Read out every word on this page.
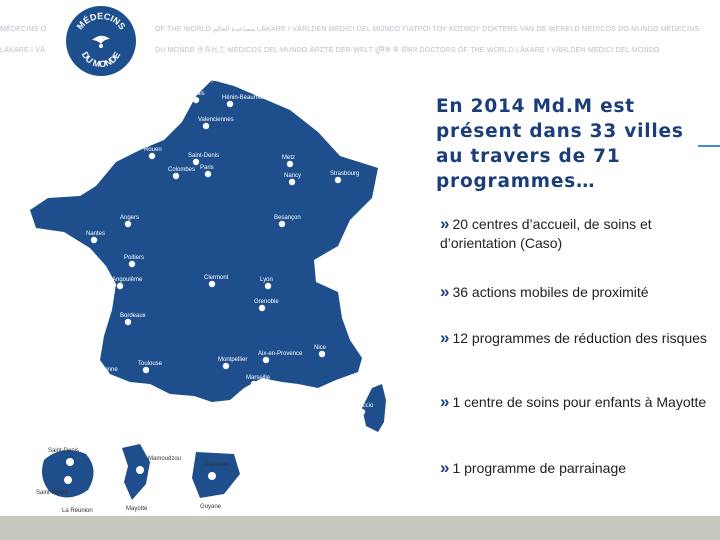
MÉDECINS O

LÄKARE I VÄ

OF THE WORLD مساعدة العالم LÄKARE I VÄRLDEN MEDICI DEL MONDO ΓΙΑΤΡΟΙ ΤΟΥ ΚΟΣΜΟΥ DOKTERS VAN DE WERELD MÉDICOS DO MUNDO MÉDECINS

DU MONDE 世界医生 MÉDICOS DEL MUNDO ÄRZTE DER WELT दुनिया के डॉक्टर DOCTORS OF THE WORLD LÄKARE I VÄRLDEN MEDICI DEL MONDO

MÉDECINS
DU MONDE
La Réunion
Saint-Denis
Saint-Pierre
Mayotte
Mamoudzou
Guyane
Cayenne
Dunkerque
Calais
Hénin-Beaumont
Valenciennes
Le Havre
Rouen
Saint-Denis
Paris
Colombes
Metz
Nancy	Strasbourg
Angers
Nantes
Besançon
Poitiers
Angoulême	Clermont	Lyon
Grenoble
Bordeaux
Montpellier
Aix-en-Provence
Nice
Toulouse
Marseille
Bayonne
Pau
Ajaccio
En 2014 Md.M est
présent dans 33 villes
au travers de 71
programmes…
» 20 centres d’accueil, de soins et d’orientation (Caso)
» 36 actions mobiles de proximité
» 12 programmes de réduction des risques
» 1 centre de soins pour enfants à Mayotte
» 1 programme de parrainage
